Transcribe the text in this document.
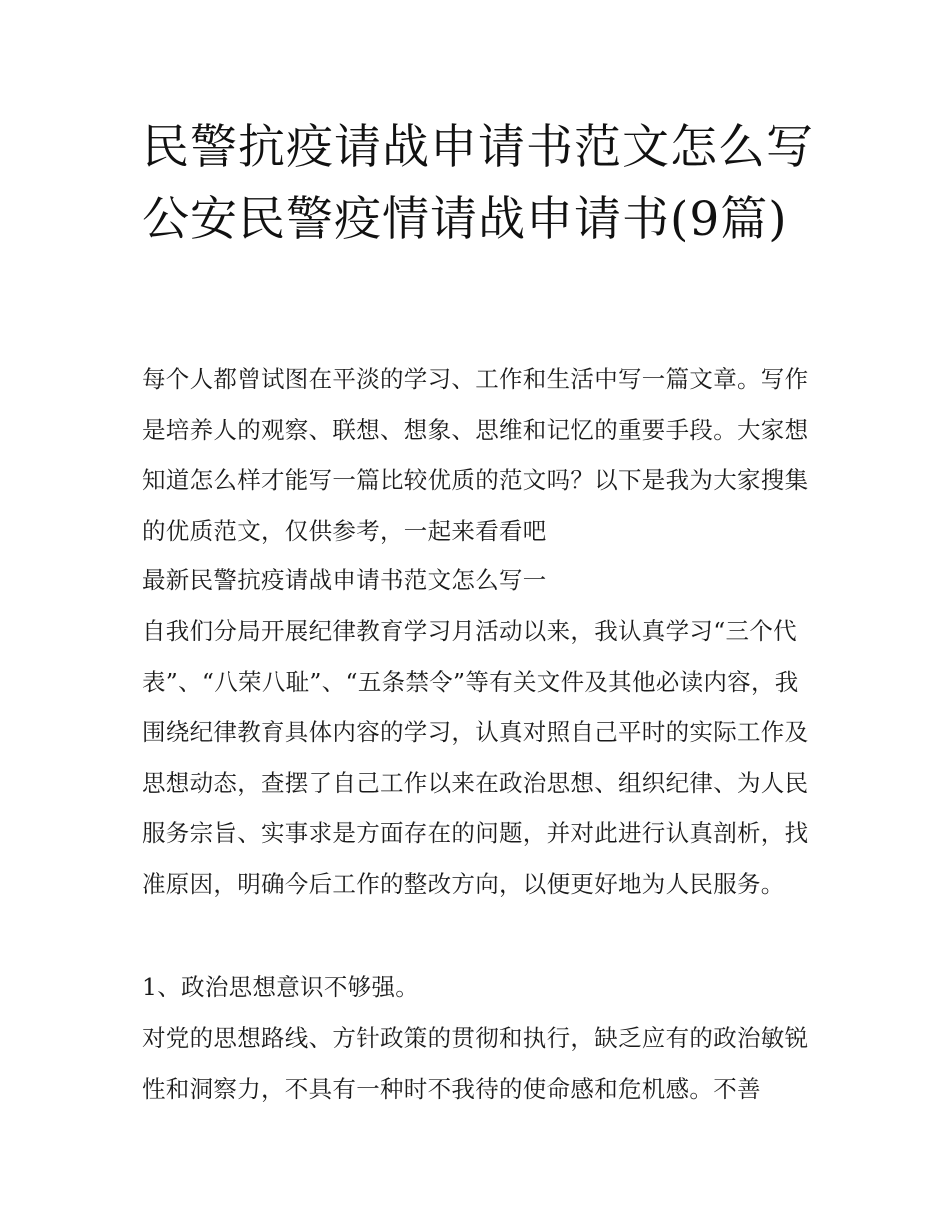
民警抗疫请战申请书范文怎么写 公安民警疫情请战申请书(9篇)

每个人都曾试图在平淡的学习、工作和生活中写一篇文章。写作是培养人的观察、联想、想象、思维和记忆的重要手段。大家想知道怎么样才能写一篇比较优质的范文吗？以下是我为大家搜集的优质范文，仅供参考，一起来看看吧

最新民警抗疫请战申请书范文怎么写一

自我们分局开展纪律教育学习月活动以来，我认真学习“三个代表”、“八荣八耻”、“五条禁令”等有关文件及其他必读内容，我围绕纪律教育具体内容的学习，认真对照自己平时的实际工作及思想动态，查摆了自己工作以来在政治思想、组织纪律、为人民服务宗旨、实事求是方面存在的问题，并对此进行认真剖析，找准原因，明确今后工作的整改方向，以便更好地为人民服务。

1、政治思想意识不够强。

对党的思想路线、方针政策的贯彻和执行，缺乏应有的政治敏锐性和洞察力，不具有一种时不我待的使命感和危机感。不善
